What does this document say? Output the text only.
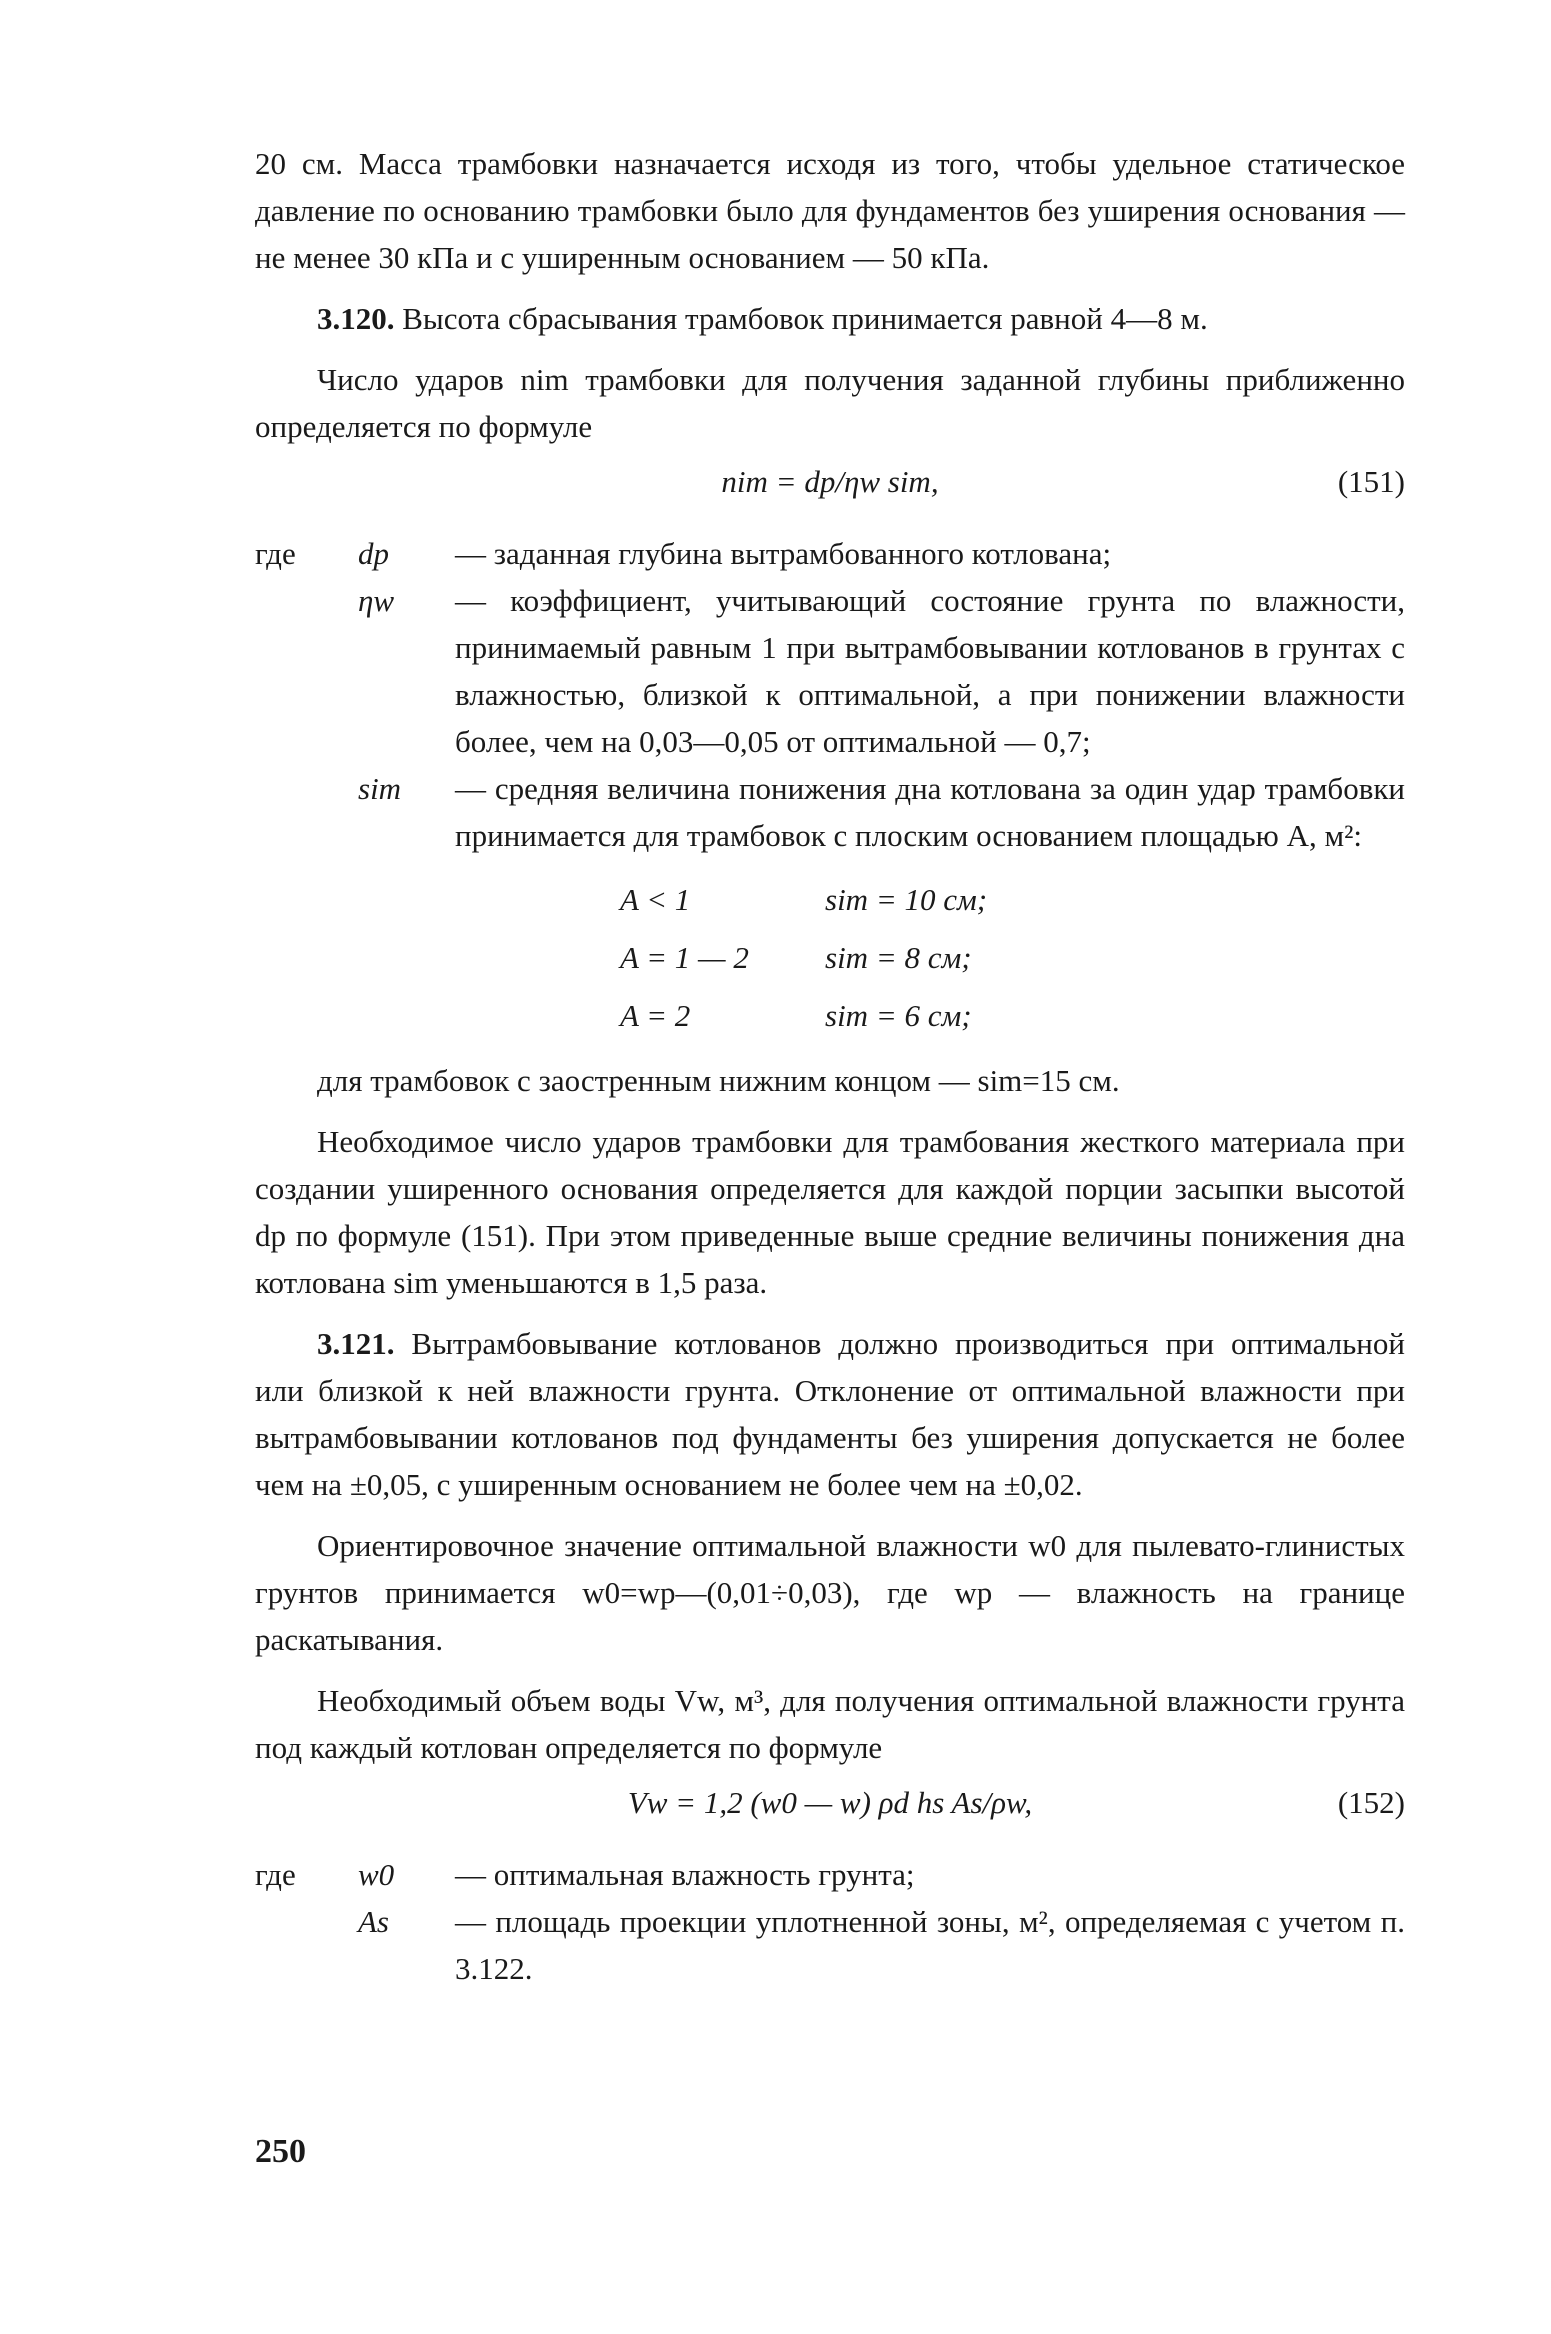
20 см. Масса трамбовки назначается исходя из того, чтобы удельное статическое давление по основанию трамбовки было для фундаментов без уширения основания — не менее 30 кПа и с уширенным основанием — 50 кПа.

3.120. Высота сбрасывания трамбовок принимается равной 4—8 м.

Число ударов nim трамбовки для получения заданной глубины приближенно определяется по формуле

nim = dp/ηw sim,	(151)
где	dp	— заданная глубина вытрамбованного котлована;
ηw	— коэффициент, учитывающий состояние грунта по влажности, принимаемый равным 1 при вытрамбовывании котлованов в грунтах с влажностью, близкой к оптимальной, а при понижении влажности более, чем на 0,03—0,05 от оптимальной — 0,7;
sim	— средняя величина понижения дна котлована за один удар трамбовки принимается для трамбовок с плоским основанием площадью A, м²:
A < 1	sim = 10 см;
A = 1 — 2	sim = 8 см;
A = 2	sim = 6 см;

для трамбовок с заостренным нижним концом — sim=15 см.

Необходимое число ударов трамбовки для трамбования жесткого материала при создании уширенного основания определяется для каждой порции засыпки высотой dp по формуле (151). При этом приведенные выше средние величины понижения дна котлована sim уменьшаются в 1,5 раза.

3.121. Вытрамбовывание котлованов должно производиться при оптимальной или близкой к ней влажности грунта. Отклонение от оптимальной влажности при вытрамбовывании котлованов под фундаменты без уширения допускается не более чем на ±0,05, с уширенным основанием не более чем на ±0,02.

Ориентировочное значение оптимальной влажности w0 для пылевато-глинистых грунтов принимается w0=wp—(0,01÷0,03), где wp — влажность на границе раскатывания.

Необходимый объем воды Vw, м³, для получения оптимальной влажности грунта под каждый котлован определяется по формуле

Vw = 1,2 (w0 — w) ρd hs As/ρw,	(152)
где	w0	— оптимальная влажность грунта;
As	— площадь проекции уплотненной зоны, м², определяемая с учетом п. 3.122.
250
